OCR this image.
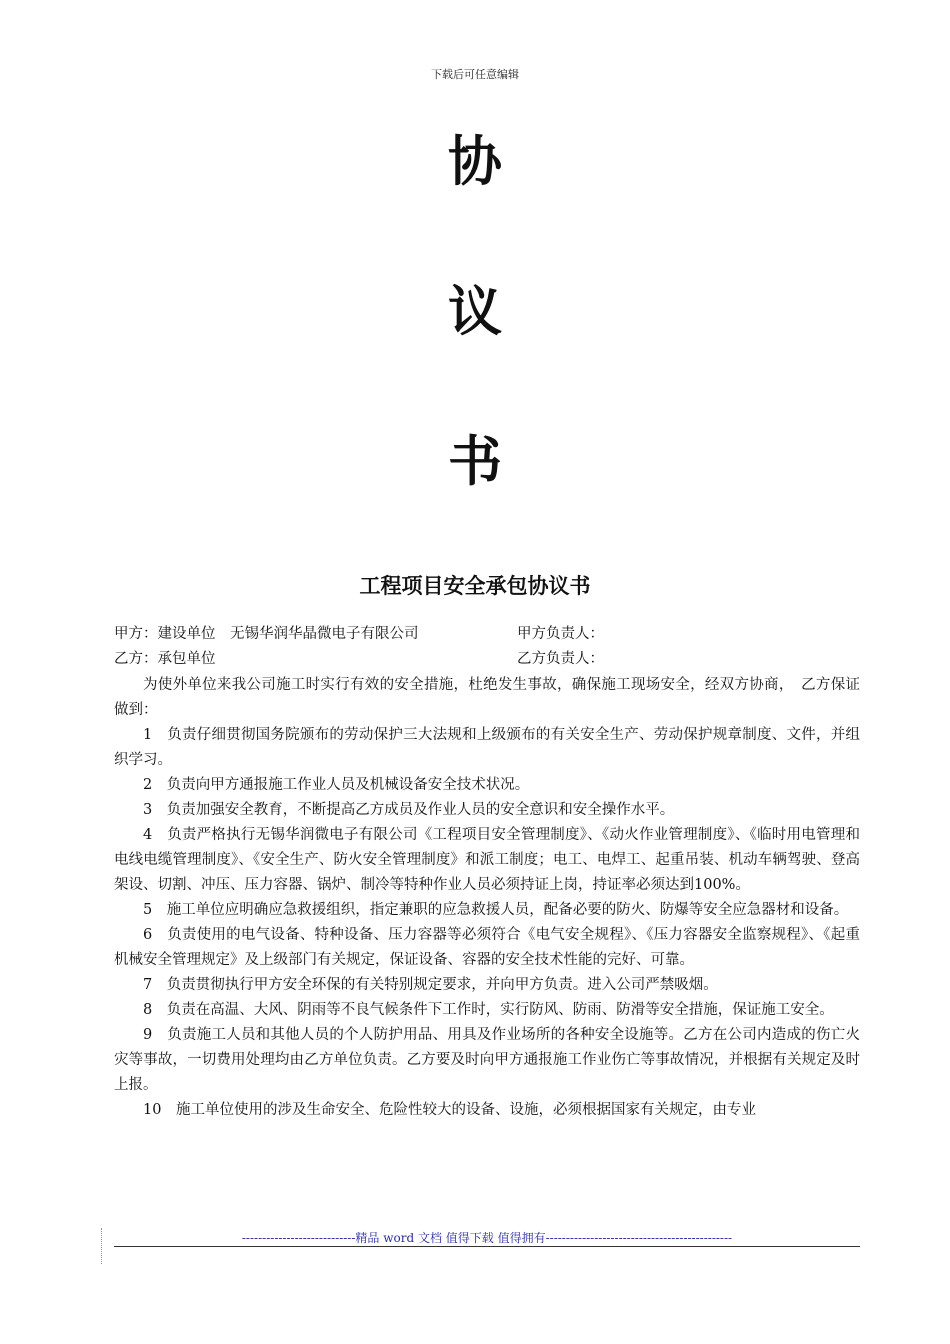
下载后可任意编辑
协
议
书
工程项目安全承包协议书
甲方：建设单位　无锡华润华晶微电子有限公司	甲方负责人：
乙方：承包单位	乙方负责人：

为使外单位来我公司施工时实行有效的安全措施，杜绝发生事故，确保施工现场安全，经双方协商，　乙方保证做到：

1　负责仔细贯彻国务院颁布的劳动保护三大法规和上级颁布的有关安全生产、劳动保护规章制度、文件，并组织学习。

2　负责向甲方通报施工作业人员及机械设备安全技术状况。

3　负责加强安全教育，不断提高乙方成员及作业人员的安全意识和安全操作水平。

4　负责严格执行无锡华润微电子有限公司《工程项目安全管理制度》、《动火作业管理制度》、《临时用电管理和电线电缆管理制度》、《安全生产、防火安全管理制度》和派工制度；电工、电焊工、起重吊装、机动车辆驾驶、登高架设、切割、冲压、压力容器、锅炉、制冷等特种作业人员必须持证上岗，持证率必须达到100%。

5　施工单位应明确应急救援组织，指定兼职的应急救援人员，配备必要的防火、防爆等安全应急器材和设备。

6　负责使用的电气设备、特种设备、压力容器等必须符合《电气安全规程》、《压力容器安全监察规程》、《起重机械安全管理规定》及上级部门有关规定，保证设备、容器的安全技术性能的完好、可靠。

7　负责贯彻执行甲方安全环保的有关特别规定要求，并向甲方负责。进入公司严禁吸烟。

8　负责在高温、大风、阴雨等不良气候条件下工作时，实行防风、防雨、防滑等安全措施，保证施工安全。

9　负责施工人员和其他人员的个人防护用品、用具及作业场所的各种安全设施等。乙方在公司内造成的伤亡火灾等事故，一切费用处理均由乙方单位负责。乙方要及时向甲方通报施工作业伤亡等事故情况，并根据有关规定及时上报。

10　施工单位使用的涉及生命安全、危险性较大的设备、设施，必须根据国家有关规定，由专业

----------------------------精品 word 文档 值得下载 值得拥有----------------------------------------------
